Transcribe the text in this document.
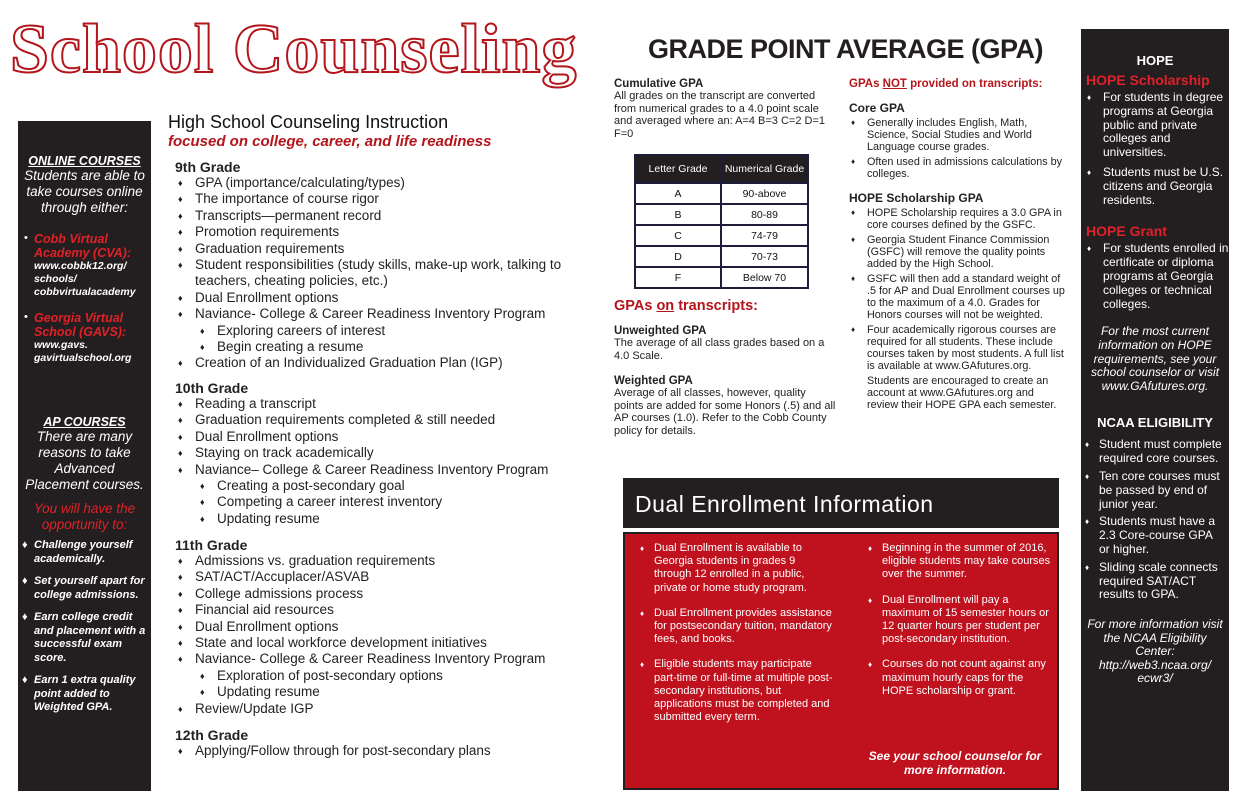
School Counseling
ONLINE COURSES
Students are able to take courses online through either:
• Cobb Virtual Academy (CVA):
www.cobbk12.org/ schools/ cobbvirtualacademy
• Georgia Virtual School (GAVS):
www.gavs. gavirtualschool.org
AP COURSES
There are many reasons to take Advanced Placement courses.
You will have the opportunity to:
♦ Challenge yourself academically.
♦ Set yourself apart for college admissions.
♦ Earn college credit and placement with a successful exam score.
♦ Earn 1 extra quality point added to Weighted GPA.
High School Counseling Instruction
focused on college, career, and life readiness
9th Grade
♦ GPA (importance/calculating/types)
♦ The importance of course rigor
♦ Transcripts—permanent record
♦ Promotion requirements
♦ Graduation requirements
♦ Student responsibilities (study skills, make-up work, talking to teachers, cheating policies, etc.)
♦ Dual Enrollment options
♦ Naviance- College & Career Readiness Inventory Program
♦ Exploring careers of interest
♦ Begin creating a resume
♦ Creation of an Individualized Graduation Plan (IGP)
10th Grade
♦ Reading a transcript
♦ Graduation requirements completed & still needed
♦ Dual Enrollment options
♦ Staying on track academically
♦ Naviance– College & Career Readiness Inventory Program
♦ Creating a post-secondary goal
♦ Competing a career interest inventory
♦ Updating resume
11th Grade
♦ Admissions vs. graduation requirements
♦ SAT/ACT/Accuplacer/ASVAB
♦ College admissions process
♦ Financial aid resources
♦ Dual Enrollment options
♦ State and local workforce development initiatives
♦ Naviance- College & Career Readiness Inventory Program
♦ Exploration of post-secondary options
♦ Updating resume
♦ Review/Update IGP
12th Grade
♦ Applying/Follow through for post-secondary plans
GRADE POINT AVERAGE (GPA)
Cumulative GPA
All grades on the transcript are converted from numerical grades to a 4.0 point scale and averaged where an: A=4 B=3 C=2 D=1 F=0
Letter Grade	Numerical Grade
A	90-above
B	80-89
C	74-79
D	70-73
F	Below 70
GPAs on transcripts:
Unweighted GPA
The average of all class grades based on a 4.0 Scale.
Weighted GPA
Average of all classes, however, quality points are added for some Honors (.5) and all AP courses (1.0). Refer to the Cobb County policy for details.
GPAs NOT provided on transcripts:
Core GPA
♦ Generally includes English, Math, Science, Social Studies and World Language course grades.
♦ Often used in admissions calculations by colleges.
HOPE Scholarship GPA
♦ HOPE Scholarship requires a 3.0 GPA in core courses defined by the GSFC.
♦ Georgia Student Finance Commission (GSFC) will remove the quality points added by the High School.
♦ GSFC will then add a standard weight of .5 for AP and Dual Enrollment courses up to the maximum of a 4.0. Grades for Honors courses will not be weighted.
♦ Four academically rigorous courses are required for all students. These include courses taken by most students. A full list is available at www.GAfutures.org.
Students are encouraged to create an account at www.GAfutures.org and review their HOPE GPA each semester.
Dual Enrollment Information
♦ Dual Enrollment is available to Georgia students in grades 9 through 12 enrolled in a public, private or home study program.
♦ Dual Enrollment provides assistance for postsecondary tuition, mandatory fees, and books.
♦ Eligible students may participate part-time or full-time at multiple post-secondary institutions, but applications must be completed and submitted every term.
♦ Beginning in the summer of 2016, eligible students may take courses over the summer.
♦ Dual Enrollment will pay a maximum of 15 semester hours or 12 quarter hours per student per post-secondary institution.
♦ Courses do not count against any maximum hourly caps for the HOPE scholarship or grant.
See your school counselor for more information.
HOPE
HOPE Scholarship
♦ For students in degree programs at Georgia public and private colleges and universities.
♦ Students must be U.S. citizens and Georgia residents.
HOPE Grant
♦ For students enrolled in certificate or diploma programs at Georgia colleges or technical colleges.
For the most current information on HOPE requirements, see your school counselor or visit www.GAfutures.org.
NCAA ELIGIBILITY
♦ Student must complete required core courses.
♦ Ten core courses must be passed by end of junior year.
♦ Students must have a 2.3 Core-course GPA or higher.
♦ Sliding scale connects required SAT/ACT results to GPA.
For more information visit the NCAA Eligibility Center: http://web3.ncaa.org/ ecwr3/
